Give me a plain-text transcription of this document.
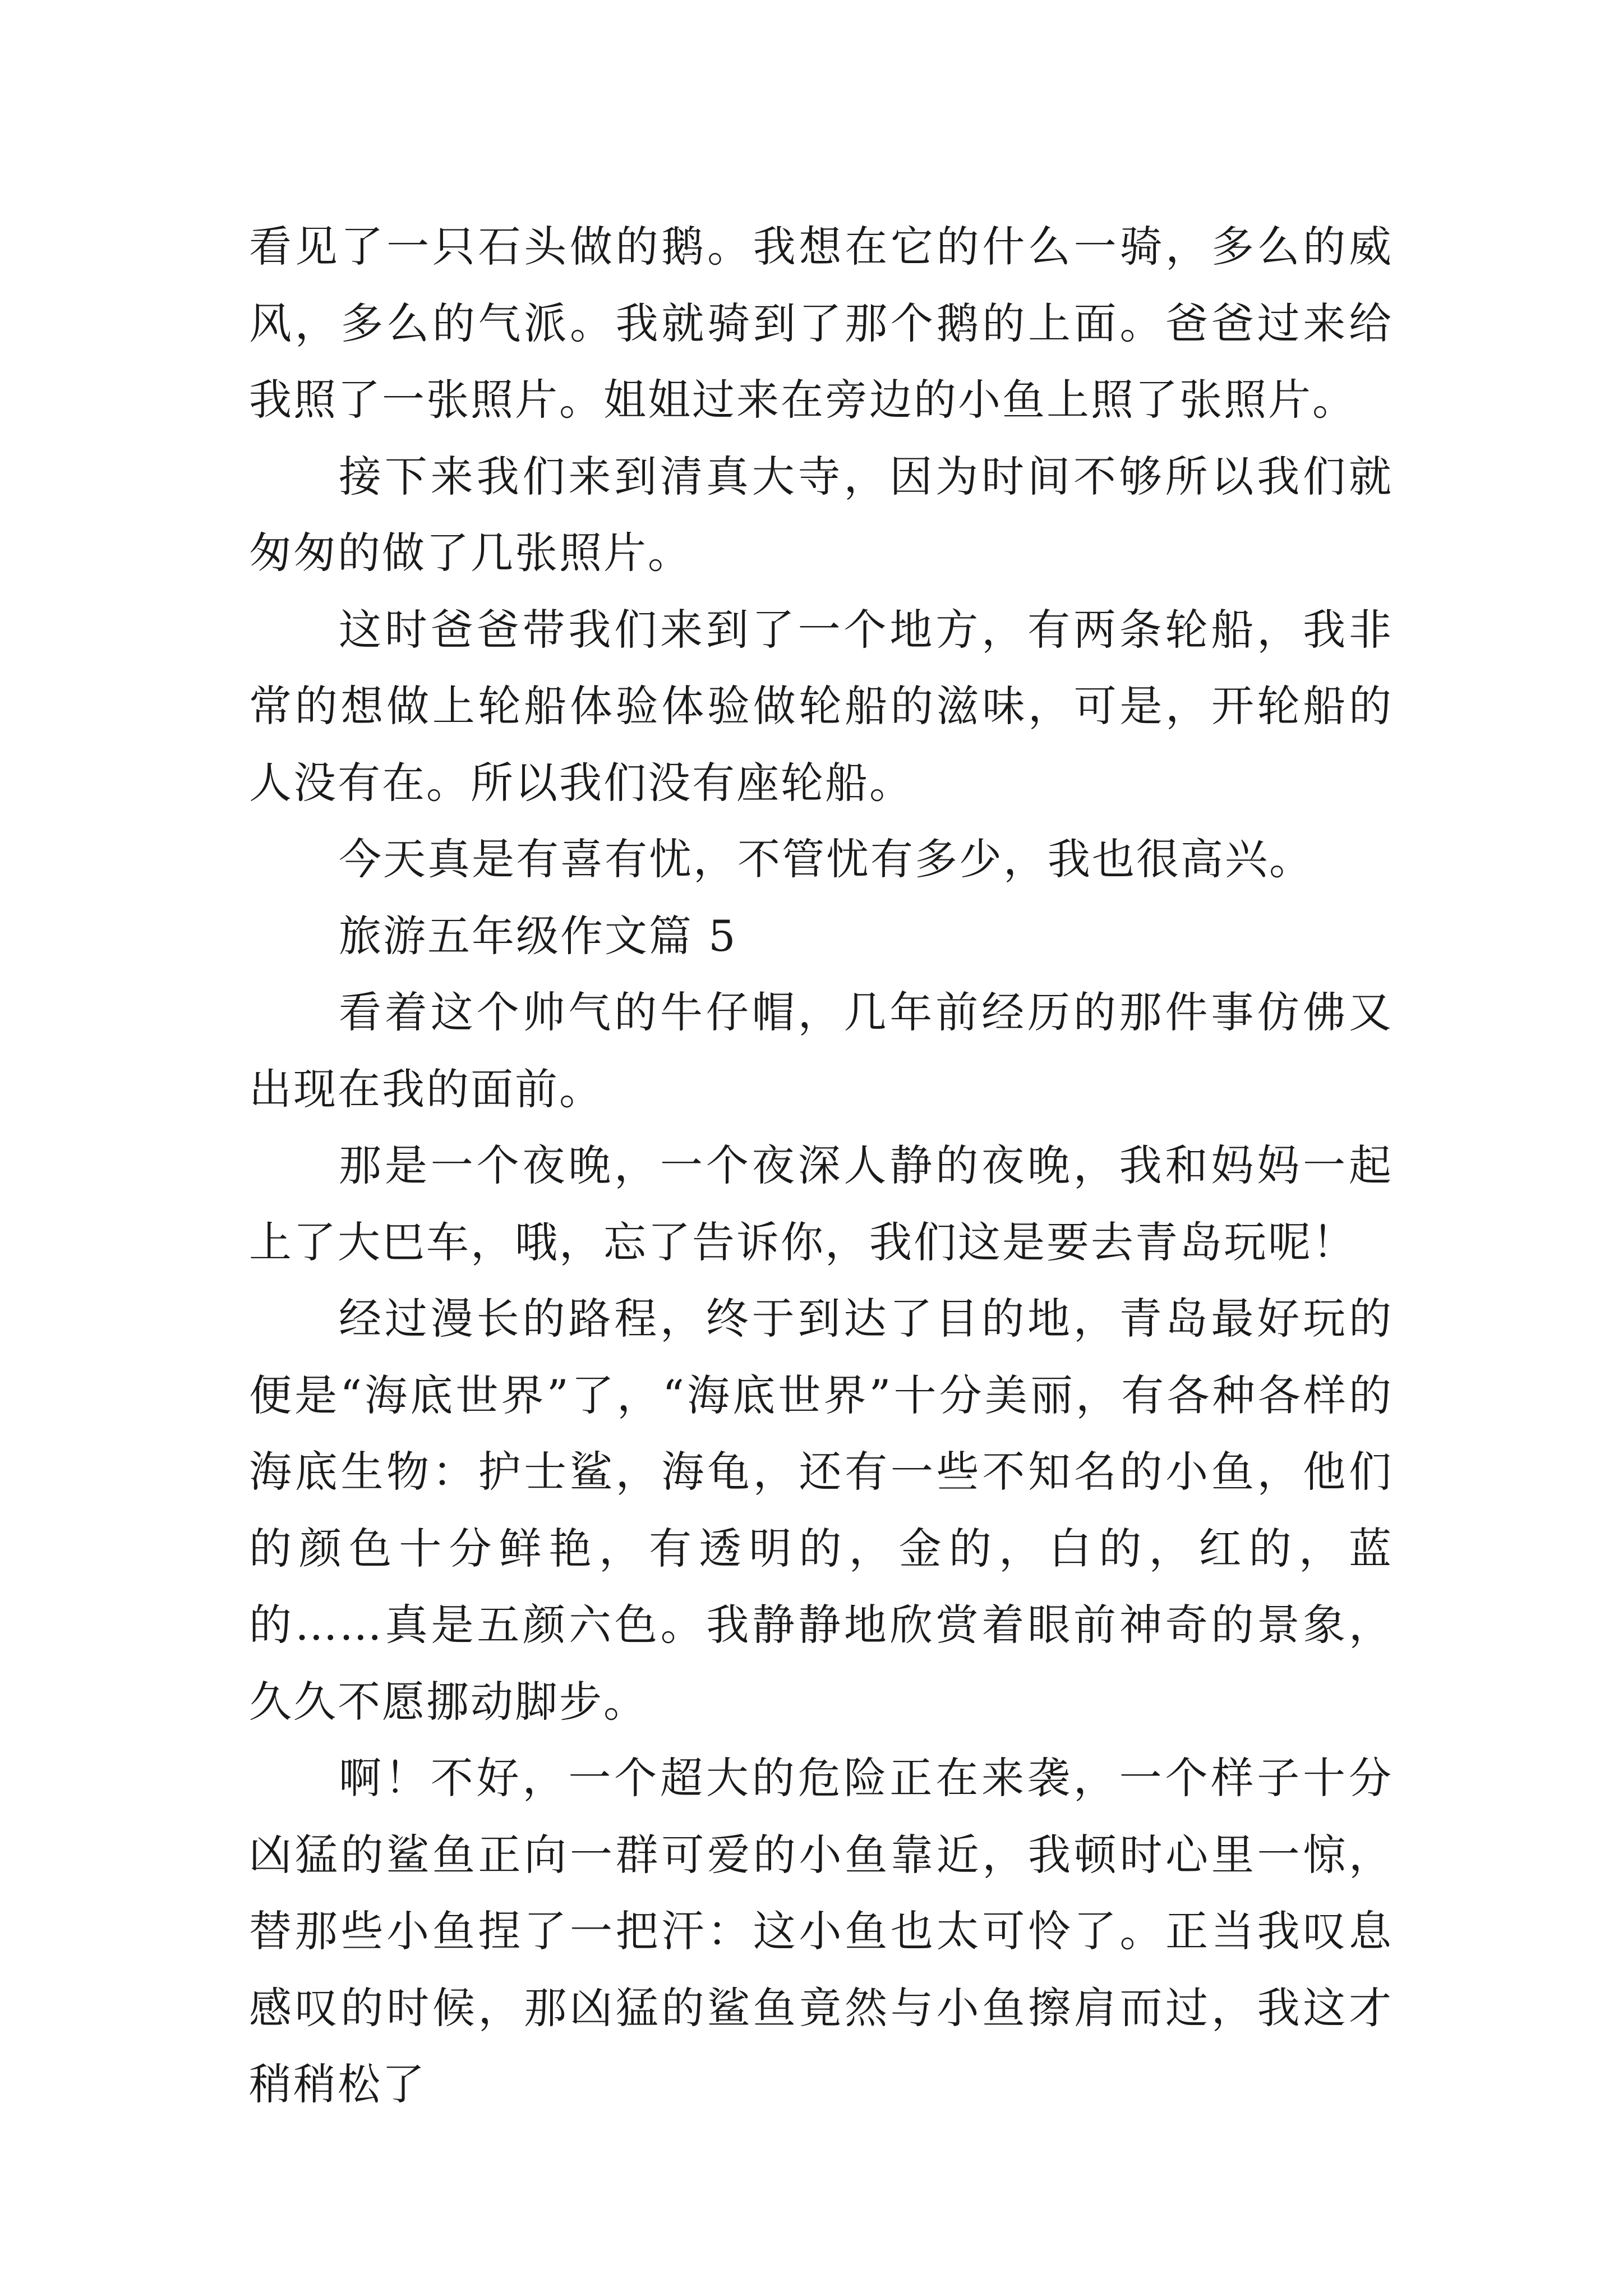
看见了一只石头做的鹅。我想在它的什么一骑，多么的威风，多么的气派。我就骑到了那个鹅的上面。爸爸过来给我照了一张照片。姐姐过来在旁边的小鱼上照了张照片。

接下来我们来到清真大寺，因为时间不够所以我们就匆匆的做了几张照片。

这时爸爸带我们来到了一个地方，有两条轮船，我非常的想做上轮船体验体验做轮船的滋味，可是，开轮船的人没有在。所以我们没有座轮船。

今天真是有喜有忧，不管忧有多少，我也很高兴。

旅游五年级作文篇 5

看着这个帅气的牛仔帽，几年前经历的那件事仿佛又出现在我的面前。

那是一个夜晚，一个夜深人静的夜晚，我和妈妈一起上了大巴车，哦，忘了告诉你，我们这是要去青岛玩呢！

经过漫长的路程，终于到达了目的地，青岛最好玩的便是“海底世界”了，“海底世界”十分美丽，有各种各样的海底生物：护士鲨，海龟，还有一些不知名的小鱼，他们的颜色十分鲜艳，有透明的，金的，白的，红的，蓝的……真是五颜六色。我静静地欣赏着眼前神奇的景象，久久不愿挪动脚步。

啊！不好，一个超大的危险正在来袭，一个样子十分凶猛的鲨鱼正向一群可爱的小鱼靠近，我顿时心里一惊，替那些小鱼捏了一把汗：这小鱼也太可怜了。正当我叹息感叹的时候，那凶猛的鲨鱼竟然与小鱼擦肩而过，我这才稍稍松了
